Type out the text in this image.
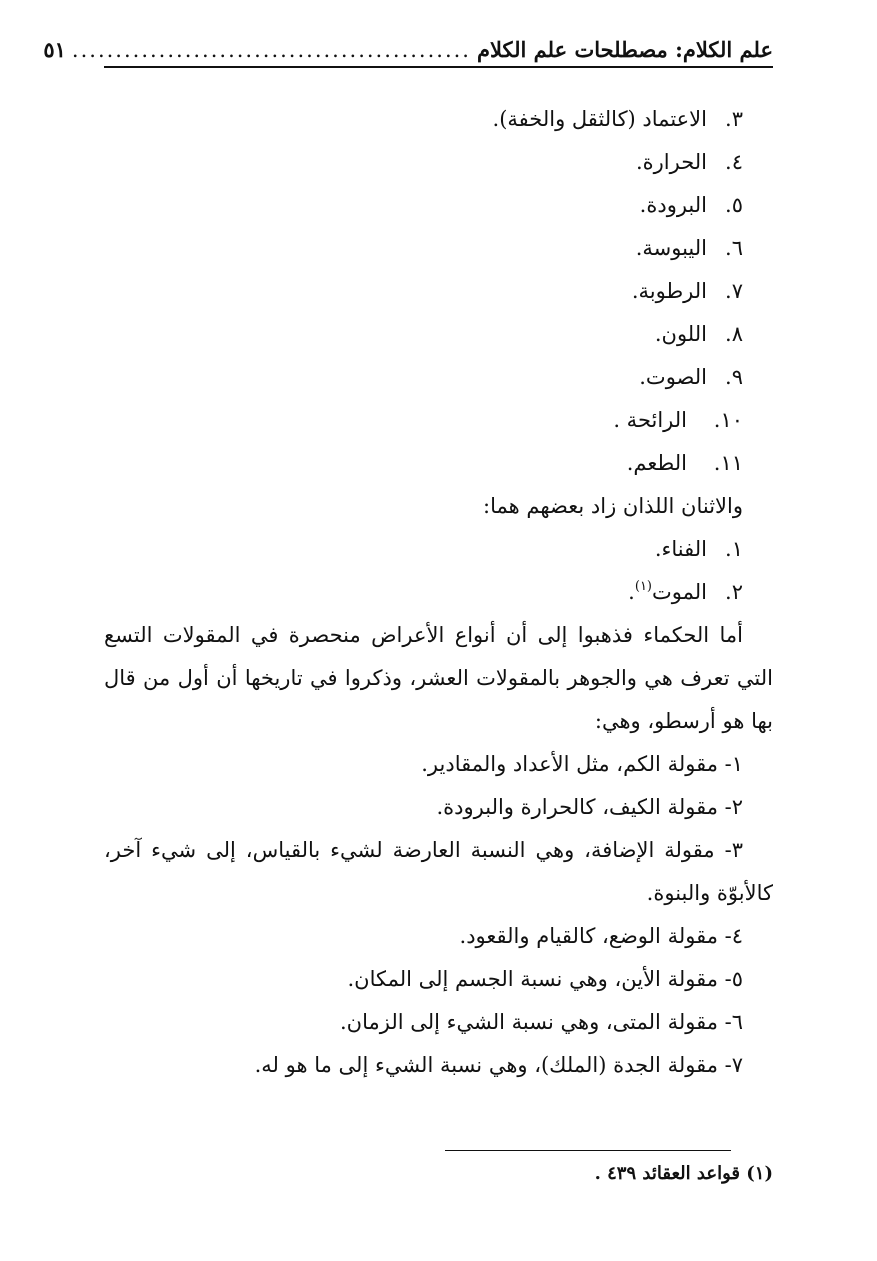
علم الكلام: مصطلحات علم الكلام
..............................................
٥١
٣.
الاعتماد (كالثقل والخفة).
٤.
الحرارة.
٥.
البرودة.
٦.
اليبوسة.
٧.
الرطوبة.
٨.
اللون.
٩.
الصوت.
١٠.
الرائحة .
١١.
الطعم.
والاثنان اللذان زاد بعضهم هما:
١.
الفناء.
٢.
الموت$^{(١)}$.
أما الحكماء فذهبوا إلى أن أنواع الأعراض منحصرة في المقولات التسع التي تعرف هي والجوهر بالمقولات العشر، وذكروا في تاريخها أن أول من قال بها هو أرسطو، وهي:
١- مقولة الكم، مثل الأعداد والمقادير.
٢- مقولة الكيف، كالحرارة والبرودة.
٣- مقولة الإضافة، وهي النسبة العارضة لشيء بالقياس، إلى شيء آخر، كالأبوّة والبنوة.
٤- مقولة الوضع، كالقيام والقعود.
٥- مقولة الأين، وهي نسبة الجسم إلى المكان.
٦- مقولة المتى، وهي نسبة الشيء إلى الزمان.
٧- مقولة الجدة (الملك)، وهي نسبة الشيء إلى ما هو له.
(١) قواعد العقائد ٤٣٩ .
